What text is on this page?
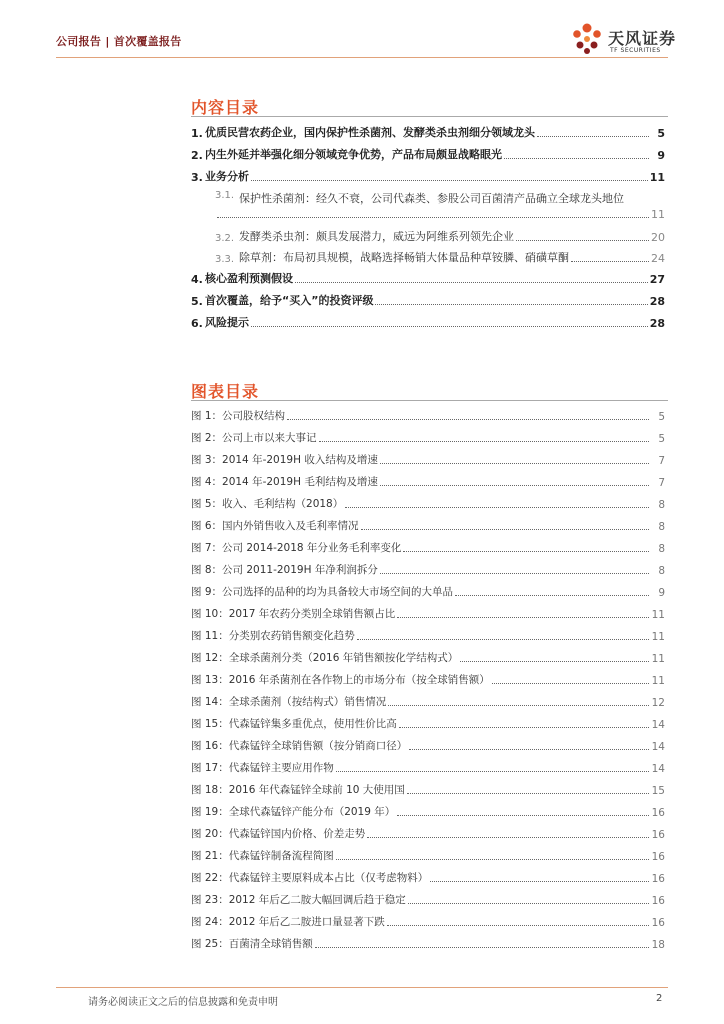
公司报告 | 首次覆盖报告	天风证券
TF SECURITIES
内容目录
1. 优质民营农药企业，国内保护性杀菌剂、发酵类杀虫剂细分领域龙头	5
2. 内生外延并举强化细分领域竞争优势，产品布局颇显战略眼光	9
3. 业务分析	11
3.1. 保护性杀菌剂：经久不衰，公司代森类、参股公司百菌清产品确立全球龙头地位
11
3.2. 发酵类杀虫剂：颇具发展潜力，威远为阿维系列领先企业	20
3.3. 除草剂：布局初具规模，战略选择畅销大体量品种草铵膦、硝磺草酮	24
4. 核心盈利预测假设	27
5. 首次覆盖，给予“买入”的投资评级	28
6. 风险提示	28
图表目录
图 1：公司股权结构	5
图 2：公司上市以来大事记	5
图 3：2014 年-2019H 收入结构及增速	7
图 4：2014 年-2019H 毛利结构及增速	7
图 5：收入、毛利结构（2018）	8
图 6：国内外销售收入及毛利率情况	8
图 7：公司 2014-2018 年分业务毛利率变化	8
图 8：公司 2011-2019H 年净利润拆分	8
图 9：公司选择的品种的均为具备较大市场空间的大单品	9
图 10：2017 年农药分类别全球销售额占比	11
图 11：分类别农药销售额变化趋势	11
图 12：全球杀菌剂分类（2016 年销售额按化学结构式）	11
图 13：2016 年杀菌剂在各作物上的市场分布（按全球销售额）	11
图 14：全球杀菌剂（按结构式）销售情况	12
图 15：代森锰锌集多重优点，使用性价比高	14
图 16：代森锰锌全球销售额（按分销商口径）	14
图 17：代森锰锌主要应用作物	14
图 18：2016 年代森锰锌全球前 10 大使用国	15
图 19：全球代森锰锌产能分布（2019 年）	16
图 20：代森锰锌国内价格、价差走势	16
图 21：代森锰锌制备流程简图	16
图 22：代森锰锌主要原料成本占比（仅考虑物料）	16
图 23：2012 年后乙二胺大幅回调后趋于稳定	16
图 24：2012 年后乙二胺进口量显著下跌	16
图 25：百菌清全球销售额	18
请务必阅读正文之后的信息披露和免责申明	2
